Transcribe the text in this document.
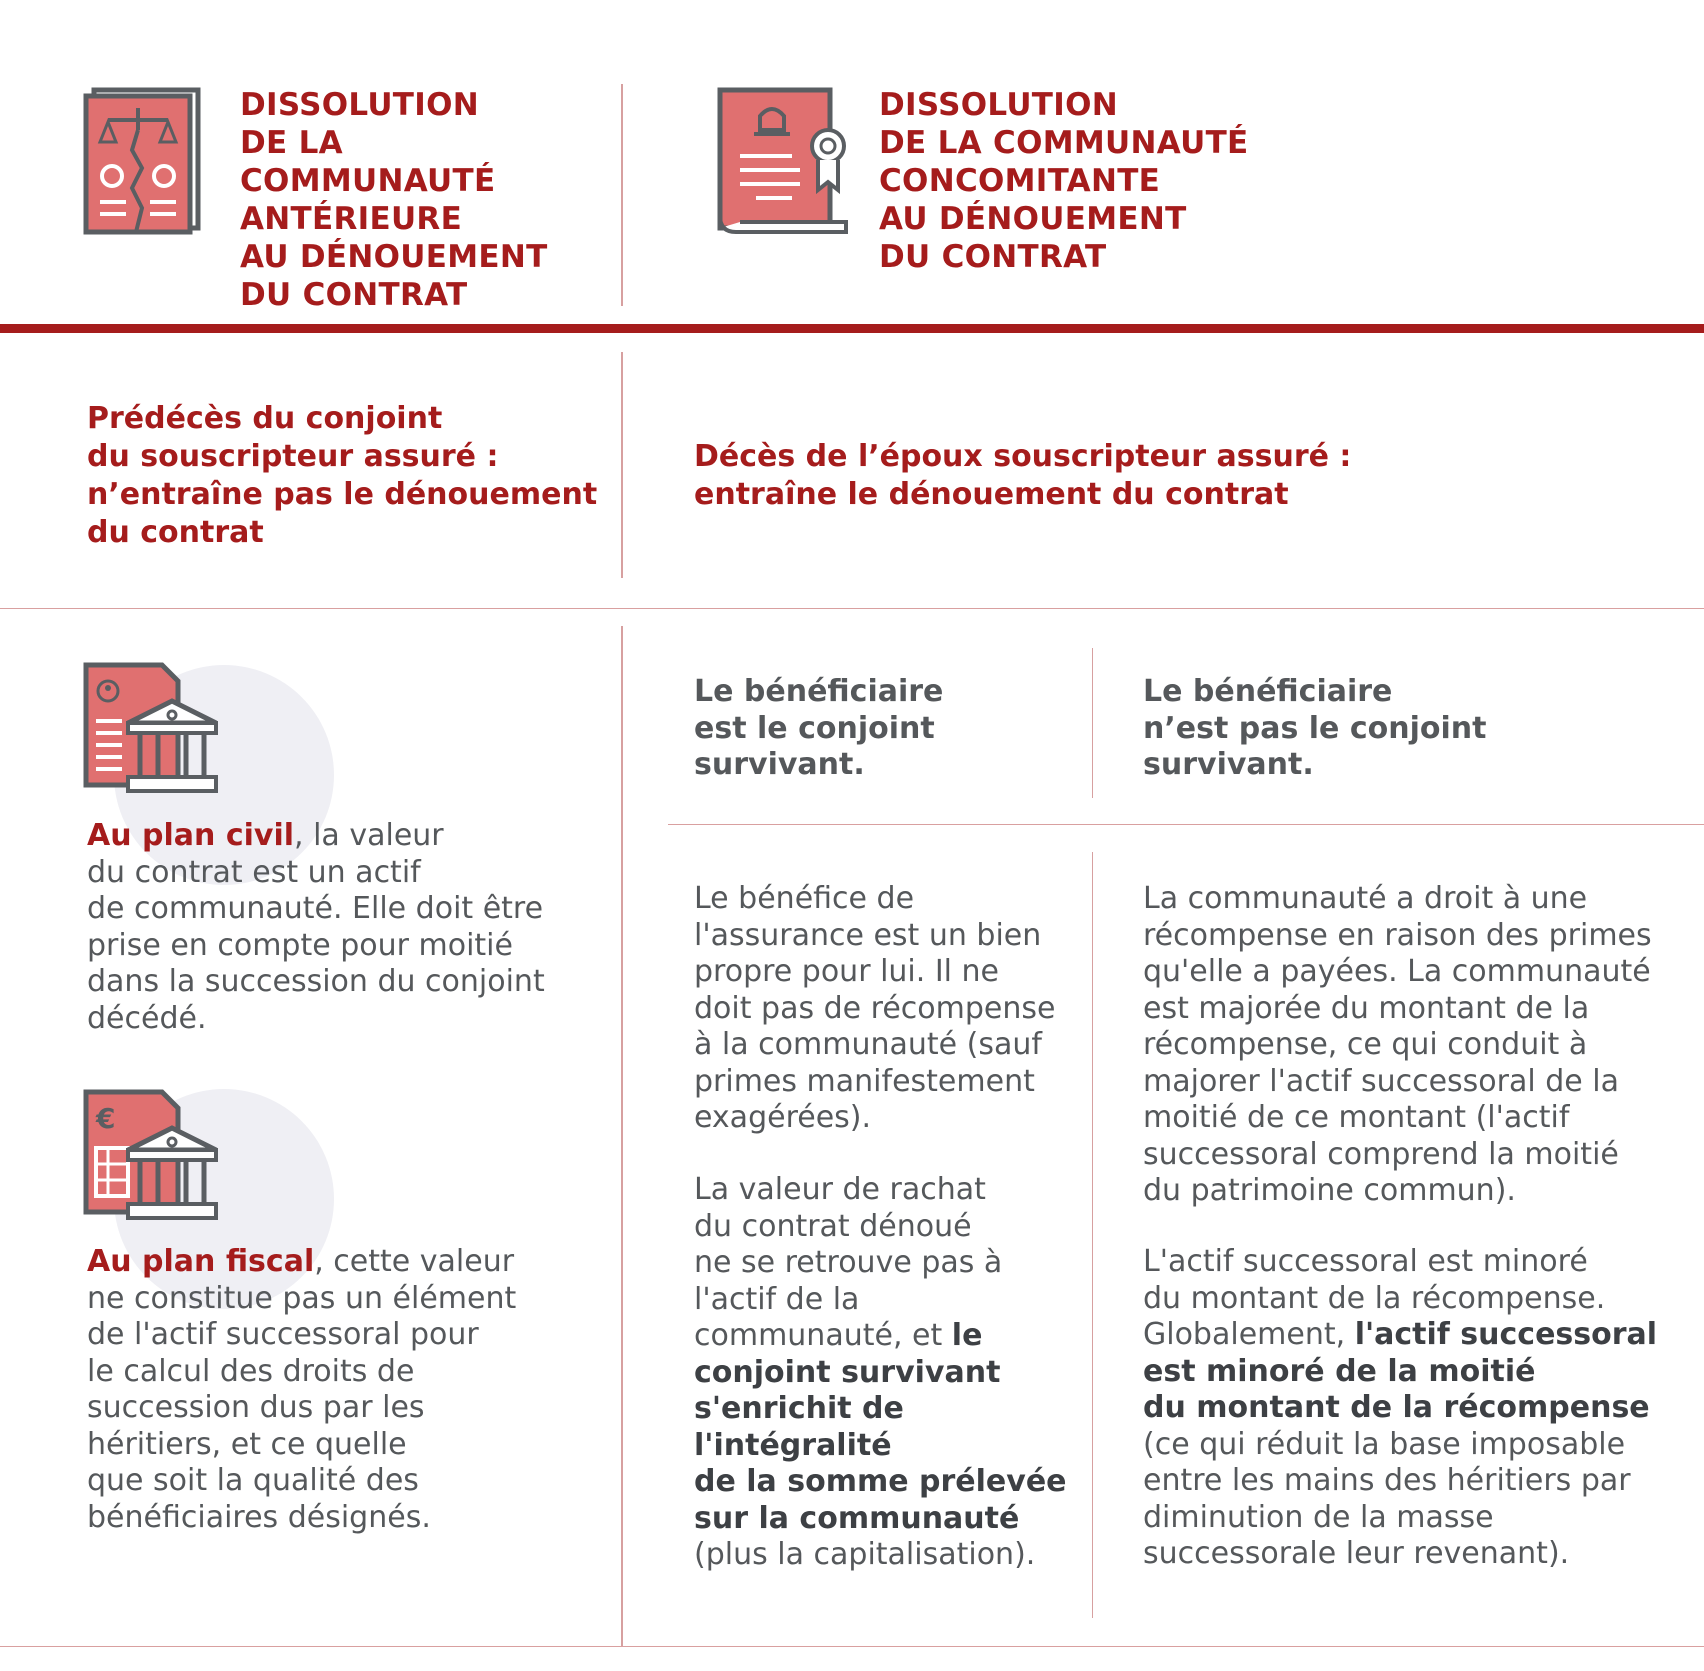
DISSOLUTION
DE LA COMMUNAUTÉ
ANTÉRIEURE
AU DÉNOUEMENT
DU CONTRAT
DISSOLUTION
DE LA COMMUNAUTÉ
CONCOMITANTE
AU DÉNOUEMENT
DU CONTRAT
Prédécès du conjoint
du souscripteur assuré :
n’entraîne pas le dénouement
du contrat
Décès de l’époux souscripteur assuré :
entraîne le dénouement du contrat
Au plan civil, la valeur
du contrat est un actif
de communauté. Elle doit être
prise en compte pour moitié
dans la succession du conjoint
décédé.
€
Au plan fiscal, cette valeur
ne constitue pas un élément
de l'actif successoral pour
le calcul des droits de
succession dus par les
héritiers, et ce quelle
que soit la qualité des
bénéficiaires désignés.
Le bénéficiaire
est le conjoint
survivant.
Le bénéfice de
l'assurance est un bien
propre pour lui. Il ne
doit pas de récompense
à la communauté (sauf
primes manifestement
exagérées).
La valeur de rachat
du contrat dénoué
ne se retrouve pas à
l'actif de la
communauté, et le
conjoint survivant
s'enrichit de l'intégralité
de la somme prélevée
sur la communauté
(plus la capitalisation).
Le bénéficiaire
n’est pas le conjoint
survivant.
La communauté a droit à une
récompense en raison des primes
qu'elle a payées. La communauté
est majorée du montant de la
récompense, ce qui conduit à
majorer l'actif successoral de la
moitié de ce montant (l'actif
successoral comprend la moitié
du patrimoine commun).
L'actif successoral est minoré
du montant de la récompense.
Globalement, l'actif successoral
est minoré de la moitié
du montant de la récompense
(ce qui réduit la base imposable
entre les mains des héritiers par
diminution de la masse
successorale leur revenant).
